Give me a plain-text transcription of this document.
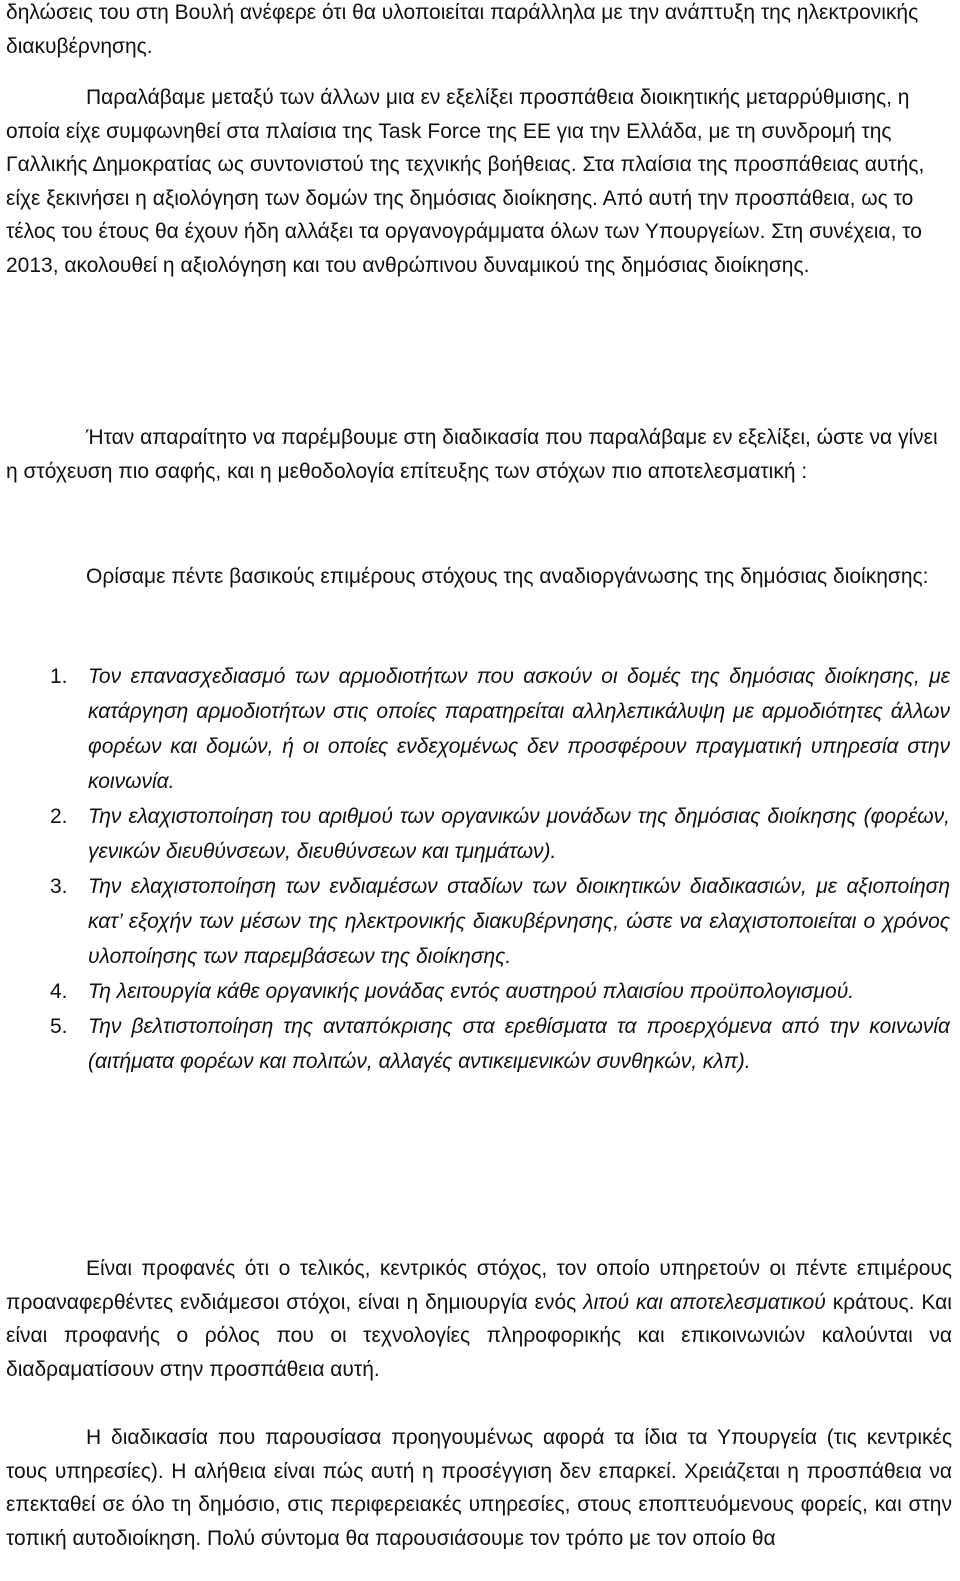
δηλώσεις του στη Βουλή ανέφερε ότι θα υλοποιείται παράλληλα με την ανάπτυξη της ηλεκτρονικής διακυβέρνησης.

Παραλάβαμε μεταξύ των άλλων μια εν εξελίξει προσπάθεια διοικητικής μεταρρύθμισης, η οποία είχε συμφωνηθεί στα πλαίσια της Task Force της ΕΕ για την Ελλάδα, με τη συνδρομή της Γαλλικής Δημοκρατίας ως συντονιστού της τεχνικής βοήθειας. Στα πλαίσια της προσπάθειας αυτής, είχε ξεκινήσει η αξιολόγηση των δομών της δημόσιας διοίκησης. Από αυτή την προσπάθεια, ως το τέλος του έτους θα έχουν ήδη αλλάξει τα οργανογράμματα όλων των Υπουργείων. Στη συνέχεια, το 2013, ακολουθεί η αξιολόγηση και του ανθρώπινου δυναμικού της δημόσιας διοίκησης.

Ήταν απαραίτητο να παρέμβουμε στη διαδικασία που παραλάβαμε εν εξελίξει, ώστε να γίνει η στόχευση πιο σαφής, και η μεθοδολογία επίτευξης των στόχων πιο αποτελεσματική :

Ορίσαμε πέντε βασικούς επιμέρους στόχους της αναδιοργάνωσης της δημόσιας διοίκησης:

1. Τον επανασχεδιασμό των αρμοδιοτήτων που ασκούν οι δομές της δημόσιας διοίκησης, με κατάργηση αρμοδιοτήτων στις οποίες παρατηρείται αλληλεπικάλυψη με αρμοδιότητες άλλων φορέων και δομών, ή οι οποίες ενδεχομένως δεν προσφέρουν πραγματική υπηρεσία στην κοινωνία.
2. Την ελαχιστοποίηση του αριθμού των οργανικών μονάδων της δημόσιας διοίκησης (φορέων, γενικών διευθύνσεων, διευθύνσεων και τμημάτων).
3. Την ελαχιστοποίηση των ενδιαμέσων σταδίων των διοικητικών διαδικασιών, με αξιοποίηση κατ’ εξοχήν των μέσων της ηλεκτρονικής διακυβέρνησης, ώστε να ελαχιστοποιείται ο χρόνος υλοποίησης των παρεμβάσεων της διοίκησης.
4. Τη λειτουργία κάθε οργανικής μονάδας εντός αυστηρού πλαισίου προϋπολογισμού.
5. Την βελτιστοποίηση της ανταπόκρισης στα ερεθίσματα τα προερχόμενα από την κοινωνία (αιτήματα φορέων και πολιτών, αλλαγές αντικειμενικών συνθηκών, κλπ).

Είναι προφανές ότι ο τελικός, κεντρικός στόχος, τον οποίο υπηρετούν οι πέντε επιμέρους προαναφερθέντες ενδιάμεσοι στόχοι, είναι η δημιουργία ενός λιτού και αποτελεσματικού κράτους. Και είναι προφανής ο ρόλος που οι τεχνολογίες πληροφορικής και επικοινωνιών καλούνται να διαδραματίσουν στην προσπάθεια αυτή.

Η διαδικασία που παρουσίασα προηγουμένως αφορά τα ίδια τα Υπουργεία (τις κεντρικές τους υπηρεσίες). Η αλήθεια είναι πώς αυτή η προσέγγιση δεν επαρκεί. Χρειάζεται η προσπάθεια να επεκταθεί σε όλο τη δημόσιο, στις περιφερειακές υπηρεσίες, στους εποπτευόμενους φορείς, και στην τοπική αυτοδιοίκηση. Πολύ σύντομα θα παρουσιάσουμε τον τρόπο με τον οποίο θα
